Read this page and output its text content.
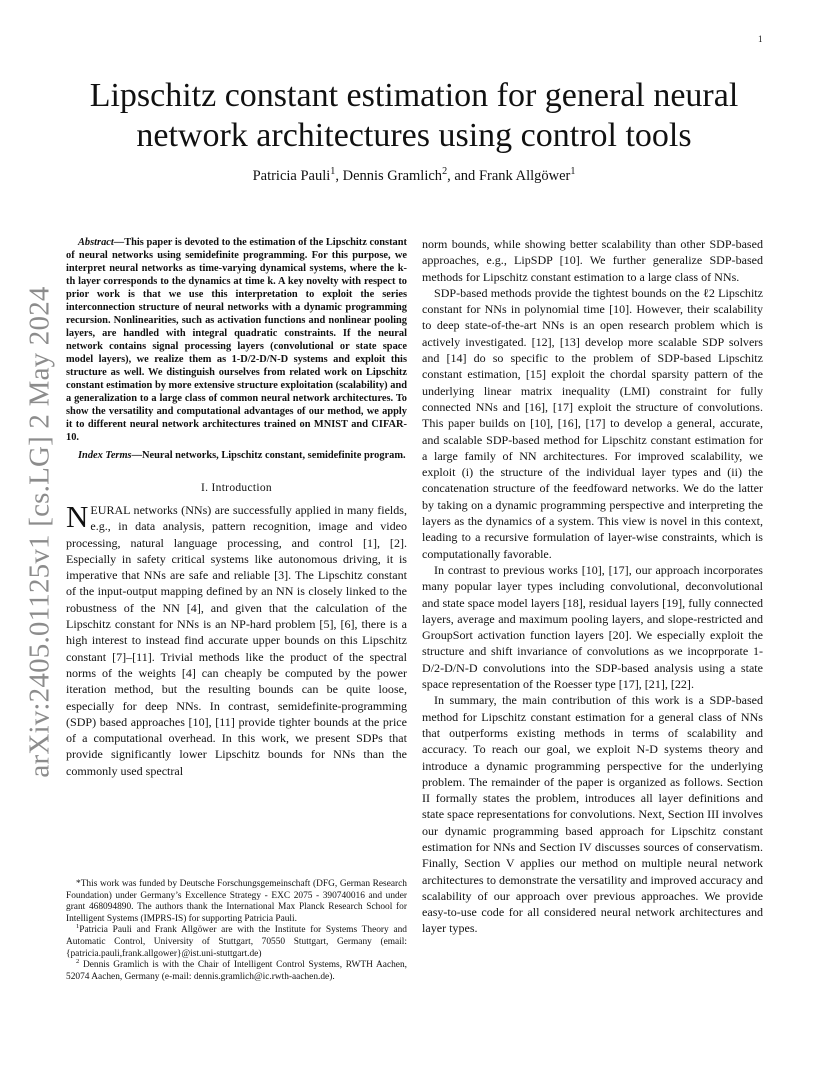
1
arXiv:2405.01125v1 [cs.LG] 2 May 2024
Lipschitz constant estimation for general neural
network architectures using control tools
Patricia Pauli$^1$, Dennis Gramlich$^2$, and Frank Allgöwer$^1$

Abstract—This paper is devoted to the estimation of the Lipschitz constant of neural networks using semidefinite programming. For this purpose, we interpret neural networks as time-varying dynamical systems, where the k-th layer corresponds to the dynamics at time k. A key novelty with respect to prior work is that we use this interpretation to exploit the series interconnection structure of neural networks with a dynamic programming recursion. Nonlinearities, such as activation functions and nonlinear pooling layers, are handled with integral quadratic constraints. If the neural network contains signal processing layers (convolutional or state space model layers), we realize them as 1-D/2-D/N-D systems and exploit this structure as well. We distinguish ourselves from related work on Lipschitz constant estimation by more extensive structure exploitation (scalability) and a generalization to a large class of common neural network architectures. To show the versatility and computational advantages of our method, we apply it to different neural network architectures trained on MNIST and CIFAR-10.

Index Terms—Neural networks, Lipschitz constant, semidefinite program.

I. Introduction

NEURAL networks (NNs) are successfully applied in many fields, e.g., in data analysis, pattern recognition, image and video processing, natural language processing, and control [1], [2]. Especially in safety critical systems like autonomous driving, it is imperative that NNs are safe and reliable [3]. The Lipschitz constant of the input-output mapping defined by an NN is closely linked to the robustness of the NN [4], and given that the calculation of the Lipschitz constant for NNs is an NP-hard problem [5], [6], there is a high interest to instead find accurate upper bounds on this Lipschitz constant [7]–[11]. Trivial methods like the product of the spectral norms of the weights [4] can cheaply be computed by the power iteration method, but the resulting bounds can be quite loose, especially for deep NNs. In contrast, semidefinite-programming (SDP) based approaches [10], [11] provide tighter bounds at the price of a computational overhead. In this work, we present SDPs that provide significantly lower Lipschitz bounds for NNs than the commonly used spectral

*This work was funded by Deutsche Forschungsgemeinschaft (DFG, German Research Foundation) under Germany’s Excellence Strategy - EXC 2075 - 390740016 and under grant 468094890. The authors thank the International Max Planck Research School for Intelligent Systems (IMPRS-IS) for supporting Patricia Pauli.

$^1$Patricia Pauli and Frank Allgöwer are with the Institute for Systems Theory and Automatic Control, University of Stuttgart, 70550 Stuttgart, Germany (email: {patricia.pauli,frank.allgower}@ist.uni-stuttgart.de)

$^2$ Dennis Gramlich is with the Chair of Intelligent Control Systems, RWTH Aachen, 52074 Aachen, Germany (e-mail: dennis.gramlich@ic.rwth-aachen.de).

norm bounds, while showing better scalability than other SDP-based approaches, e.g., LipSDP [10]. We further generalize SDP-based methods for Lipschitz constant estimation to a large class of NNs.

SDP-based methods provide the tightest bounds on the ℓ2 Lipschitz constant for NNs in polynomial time [10]. However, their scalability to deep state-of-the-art NNs is an open research problem which is actively investigated. [12], [13] develop more scalable SDP solvers and [14] do so specific to the problem of SDP-based Lipschitz constant estimation, [15] exploit the chordal sparsity pattern of the underlying linear matrix inequality (LMI) constraint for fully connected NNs and [16], [17] exploit the structure of convolutions. This paper builds on [10], [16], [17] to develop a general, accurate, and scalable SDP-based method for Lipschitz constant estimation for a large family of NN architectures. For improved scalability, we exploit (i) the structure of the individual layer types and (ii) the concatenation structure of the feedfoward networks. We do the latter by taking on a dynamic programming perspective and interpreting the layers as the dynamics of a system. This view is novel in this context, leading to a recursive formulation of layer-wise constraints, which is computationally favorable.

In contrast to previous works [10], [17], our approach incorporates many popular layer types including convolutional, deconvolutional and state space model layers [18], residual layers [19], fully connected layers, average and maximum pooling layers, and slope-restricted and GroupSort activation function layers [20]. We especially exploit the structure and shift invariance of convolutions as we incoprporate 1-D/2-D/N-D convolutions into the SDP-based analysis using a state space representation of the Roesser type [17], [21], [22].

In summary, the main contribution of this work is a SDP-based method for Lipschitz constant estimation for a general class of NNs that outperforms existing methods in terms of scalability and accuracy. To reach our goal, we exploit N-D systems theory and introduce a dynamic programming perspective for the underlying problem. The remainder of the paper is organized as follows. Section II formally states the problem, introduces all layer definitions and state space representations for convolutions. Next, Section III involves our dynamic programming based approach for Lipschitz constant estimation for NNs and Section IV discusses sources of conservatism. Finally, Section V applies our method on multiple neural network architectures to demonstrate the versatility and improved accuracy and scalability of our approach over previous approaches. We provide easy-to-use code for all considered neural network architectures and layer types.
